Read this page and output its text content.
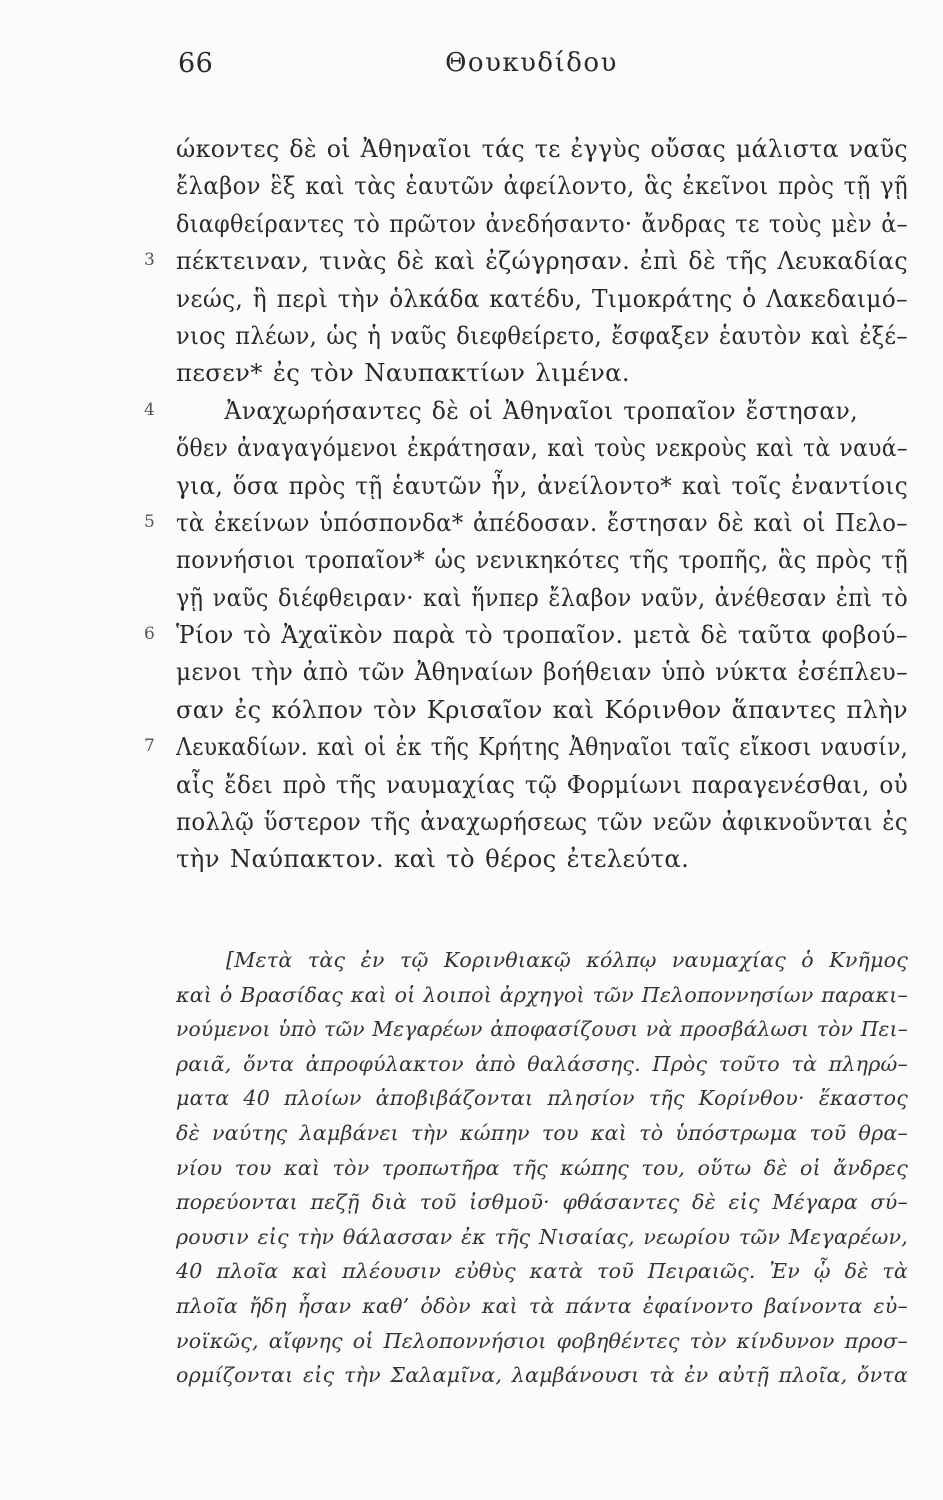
66	Θουκυδίδου
ώκοντες δὲ οἱ Ἀθηναῖοι τάς τε ἐγγὺς οὔσας μάλιστα ναῦς
ἔλαβον ἓξ καὶ τὰς ἑαυτῶν ἀφείλοντο, ἃς ἐκεῖνοι πρὸς τῇ γῇ
διαφθείραντες τὸ πρῶτον ἀνεδήσαντο· ἄνδρας τε τοὺς μὲν ἀ–
3 πέκτειναν, τινὰς δὲ καὶ ἐζώγρησαν. ἐπὶ δὲ τῆς Λευκαδίας
νεώς, ἣ περὶ τὴν ὁλκάδα κατέδυ, Τιμοκράτης ὁ Λακεδαιμό–
νιος πλέων, ὡς ἡ ναῦς διεφθείρετο, ἔσφαξεν ἑαυτὸν καὶ ἐξέ–
πεσεν* ἐς τὸν Ναυπακτίων λιμένα.
4	Ἀναχωρήσαντες δὲ οἱ Ἀθηναῖοι τροπαῖον ἔστησαν,
ὅθεν ἀναγαγόμενοι ἐκράτησαν, καὶ τοὺς νεκροὺς καὶ τὰ ναυά–
για, ὅσα πρὸς τῇ ἑαυτῶν ἦν, ἀνείλοντο* καὶ τοῖς ἐναντίοις
5 τὰ ἐκείνων ὑπόσπονδα* ἀπέδοσαν. ἔστησαν δὲ καὶ οἱ Πελο–
ποννήσιοι τροπαῖον* ὡς νενικηκότες τῆς τροπῆς, ἃς πρὸς τῇ
γῇ ναῦς διέφθειραν· καὶ ἥνπερ ἔλαβον ναῦν, ἀνέθεσαν ἐπὶ τὸ
6 Ῥίον τὸ Ἀχαϊκὸν παρὰ τὸ τροπαῖον. μετὰ δὲ ταῦτα φοβού–
μενοι τὴν ἀπὸ τῶν Ἀθηναίων βοήθειαν ὑπὸ νύκτα ἐσέπλευ–
σαν ἐς κόλπον τὸν Κρισαῖον καὶ Κόρινθον ἅπαντες πλὴν
7 Λευκαδίων. καὶ οἱ ἐκ τῆς Κρήτης Ἀθηναῖοι ταῖς εἴκοσι ναυσίν,
αἷς ἔδει πρὸ τῆς ναυμαχίας τῷ Φορμίωνι παραγενέσθαι, οὐ
πολλῷ ὕστερον τῆς ἀναχωρήσεως τῶν νεῶν ἀφικνοῦνται ἐς
τὴν Ναύπακτον. καὶ τὸ θέρος ἐτελεύτα.
[Μετὰ τὰς ἐν τῷ Κορινθιακῷ κόλπῳ ναυμαχίας ὁ Κνῆμος
καὶ ὁ Βρασίδας καὶ οἱ λοιποὶ ἀρχηγοὶ τῶν Πελοποννησίων παρακι–
νούμενοι ὑπὸ τῶν Μεγαρέων ἀποφασίζουσι νὰ προσβάλωσι τὸν Πει–
ραιᾶ, ὄντα ἀπροφύλακτον ἀπὸ θαλάσσης. Πρὸς τοῦτο τὰ πληρώ–
ματα 40 πλοίων ἀποβιβάζονται πλησίον τῆς Κορίνθου· ἕκαστος
δὲ ναύτης λαμβάνει τὴν κώπην του καὶ τὸ ὑπόστρωμα τοῦ θρα–
νίου του καὶ τὸν τροπωτῆρα τῆς κώπης του, οὕτω δὲ οἱ ἄνδρες
πορεύονται πεζῇ διὰ τοῦ ἰσθμοῦ· φθάσαντες δὲ εἰς Μέγαρα σύ–
ρουσιν εἰς τὴν θάλασσαν ἐκ τῆς Νισαίας, νεωρίου τῶν Μεγαρέων,
40 πλοῖα καὶ πλέουσιν εὐθὺς κατὰ τοῦ Πειραιῶς. Ἐν ᾧ δὲ τὰ
πλοῖα ἤδη ἦσαν καθ’ ὁδὸν καὶ τὰ πάντα ἐφαίνοντο βαίνοντα εὐ–
νοϊκῶς, αἴφνης οἱ Πελοποννήσιοι φοβηθέντες τὸν κίνδυνον προσ–
ορμίζονται εἰς τὴν Σαλαμῖνα, λαμβάνουσι τὰ ἐν αὐτῇ πλοῖα, ὄντα
